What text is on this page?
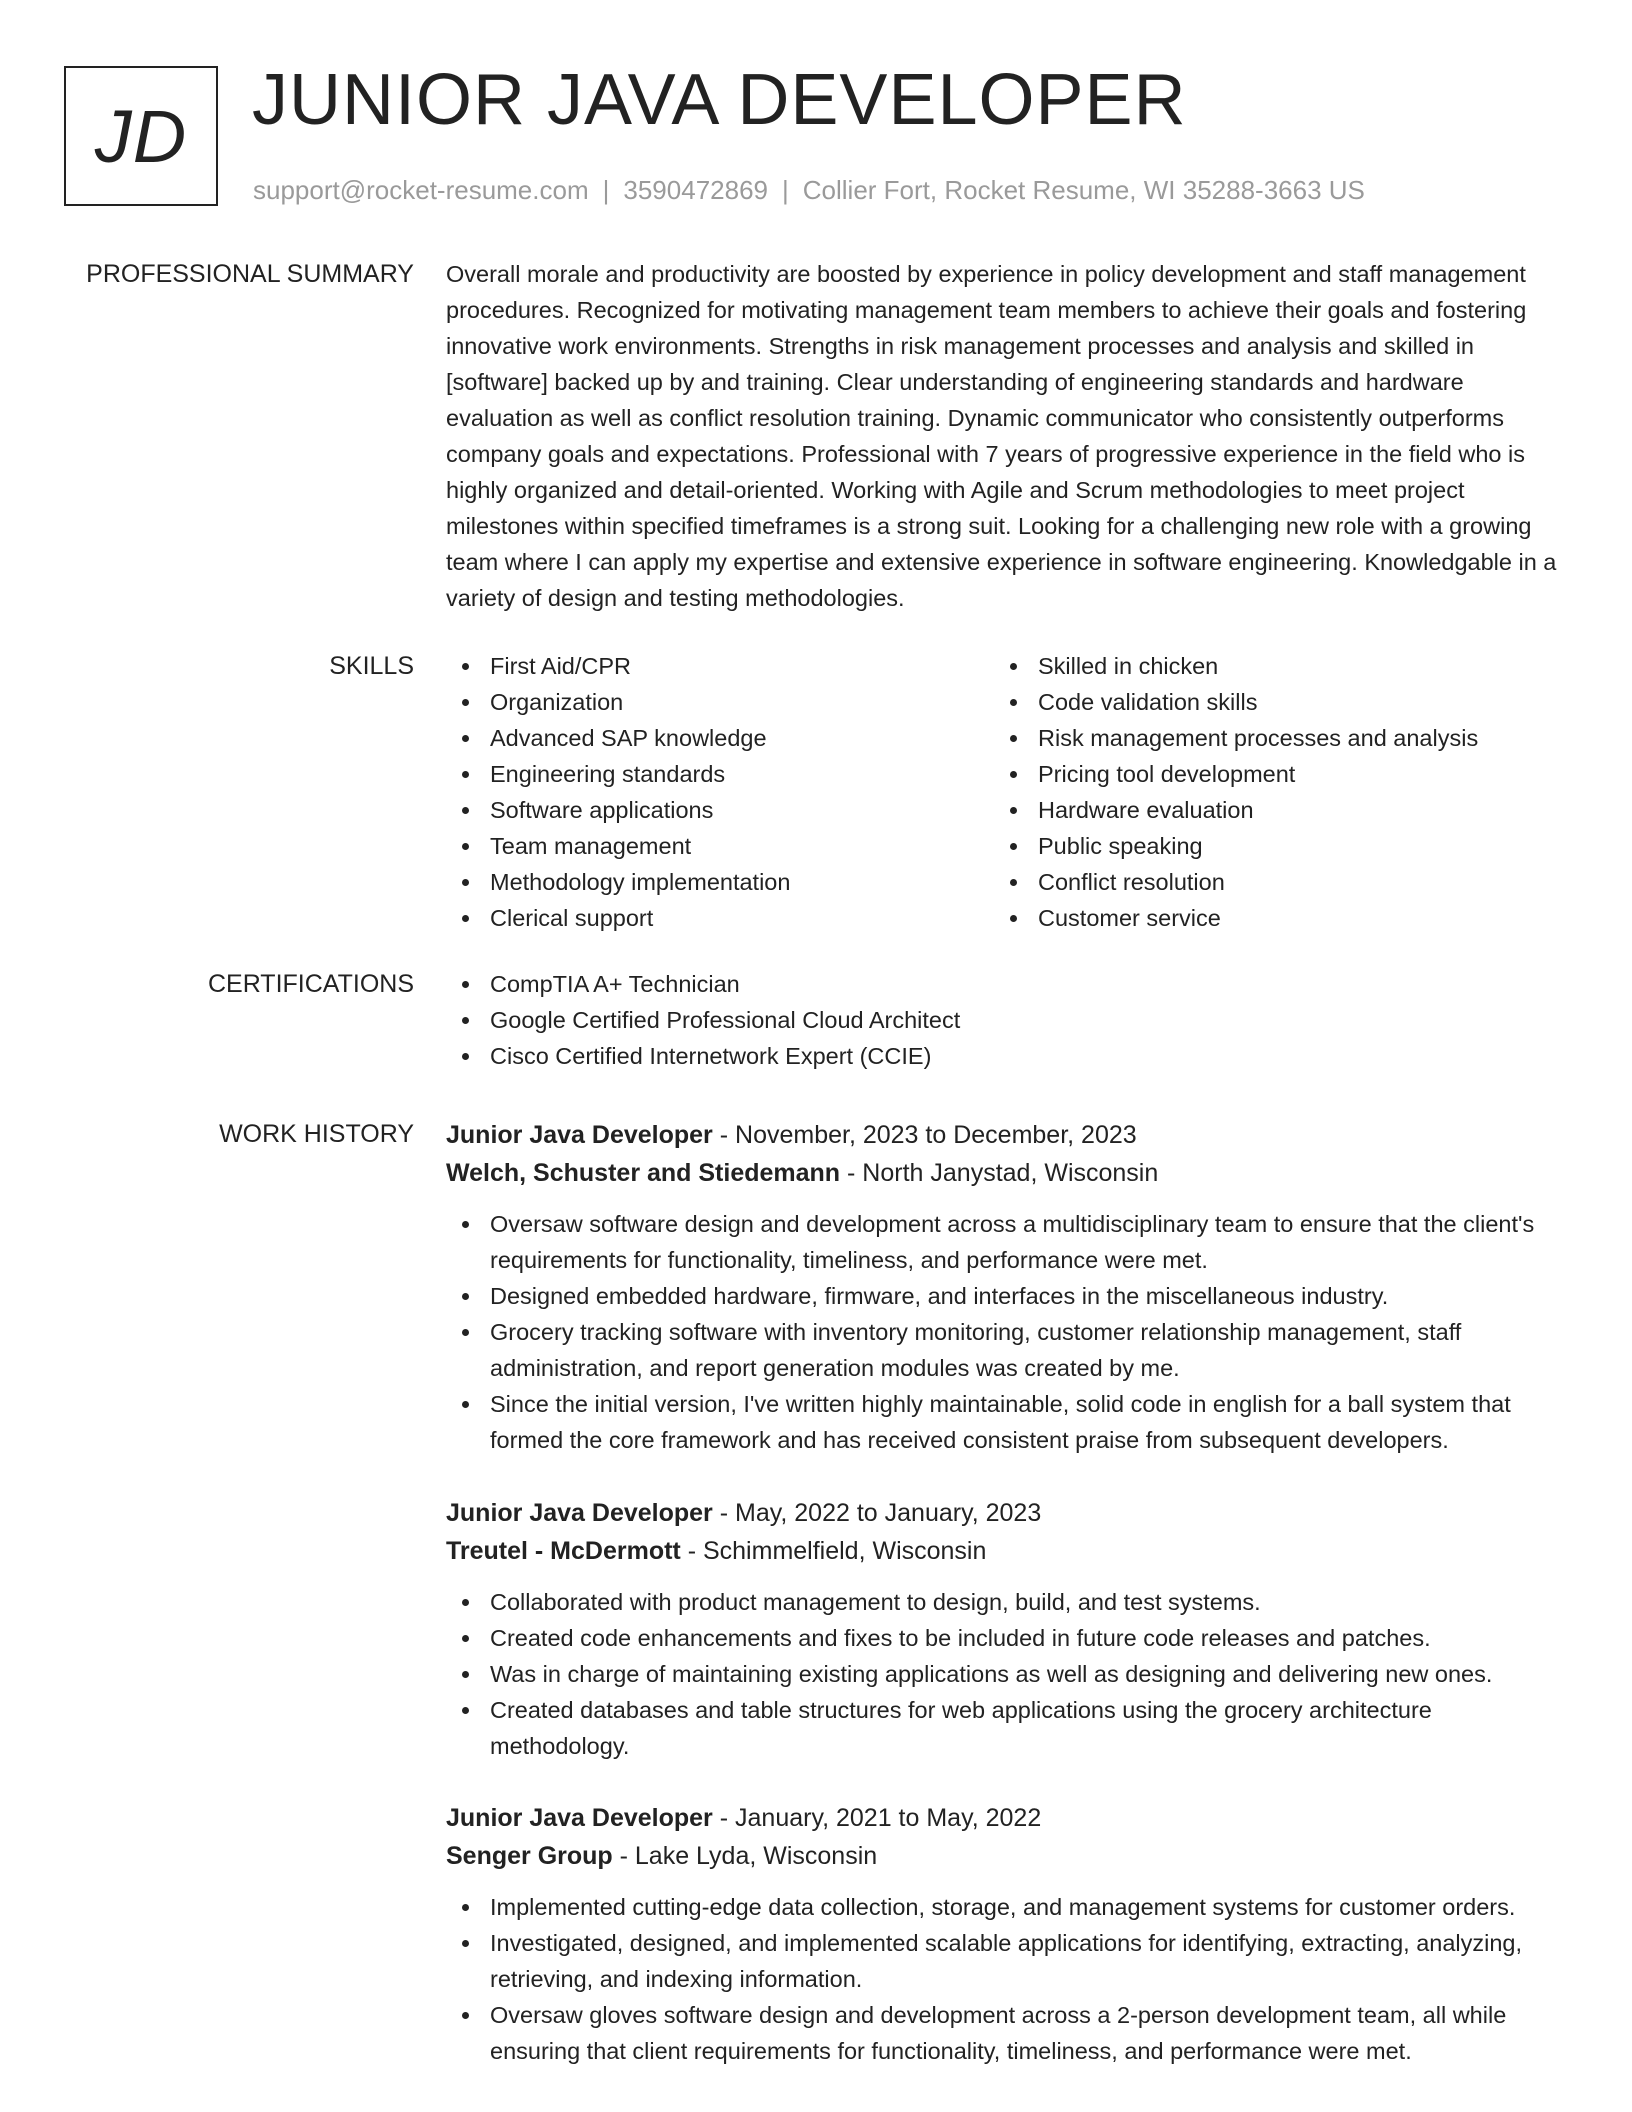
JD JUNIOR JAVA DEVELOPER
support@rocket-resume.com | 3590472869 | Collier Fort, Rocket Resume, WI 35288-3663 US
PROFESSIONAL SUMMARY Overall morale and productivity are boosted by experience in policy development and staff management procedures. Recognized for motivating management team members to achieve their goals and fostering innovative work environments. Strengths in risk management processes and analysis and skilled in [software] backed up by and training. Clear understanding of engineering standards and hardware evaluation as well as conflict resolution training. Dynamic communicator who consistently outperforms company goals and expectations. Professional with 7 years of progressive experience in the field who is highly organized and detail-oriented. Working with Agile and Scrum methodologies to meet project milestones within specified timeframes is a strong suit. Looking for a challenging new role with a growing team where I can apply my expertise and extensive experience in software engineering. Knowledgable in a variety of design and testing methodologies.

SKILLS	First Aid/CPR
Organization
Advanced SAP knowledge
Engineering standards
Software applications
Team management
Methodology implementation
Clerical support
Skilled in chicken
Code validation skills
Risk management processes and analysis
Pricing tool development
Hardware evaluation
Public speaking
Conflict resolution
Customer service
CERTIFICATIONS	CompTIA A+ Technician
Google Certified Professional Cloud Architect
Cisco Certified Internetwork Expert (CCIE)
WORK HISTORY Junior Java Developer - November, 2023 to December, 2023
Welch, Schuster and Stiedemann - North Janystad, Wisconsin
Oversaw software design and development across a multidisciplinary team to ensure that the client's requirements for functionality, timeliness, and performance were met.
Designed embedded hardware, firmware, and interfaces in the miscellaneous industry.
Grocery tracking software with inventory monitoring, customer relationship management, staff administration, and report generation modules was created by me.
Since the initial version, I've written highly maintainable, solid code in english for a ball system that formed the core framework and has received consistent praise from subsequent developers.
Junior Java Developer - May, 2022 to January, 2023
Treutel - McDermott - Schimmelfield, Wisconsin
Collaborated with product management to design, build, and test systems.
Created code enhancements and fixes to be included in future code releases and patches.
Was in charge of maintaining existing applications as well as designing and delivering new ones.
Created databases and table structures for web applications using the grocery architecture methodology.
Junior Java Developer - January, 2021 to May, 2022
Senger Group - Lake Lyda, Wisconsin
Implemented cutting-edge data collection, storage, and management systems for customer orders.
Investigated, designed, and implemented scalable applications for identifying, extracting, analyzing, retrieving, and indexing information.
Oversaw gloves software design and development across a 2-person development team, all while ensuring that client requirements for functionality, timeliness, and performance were met.
